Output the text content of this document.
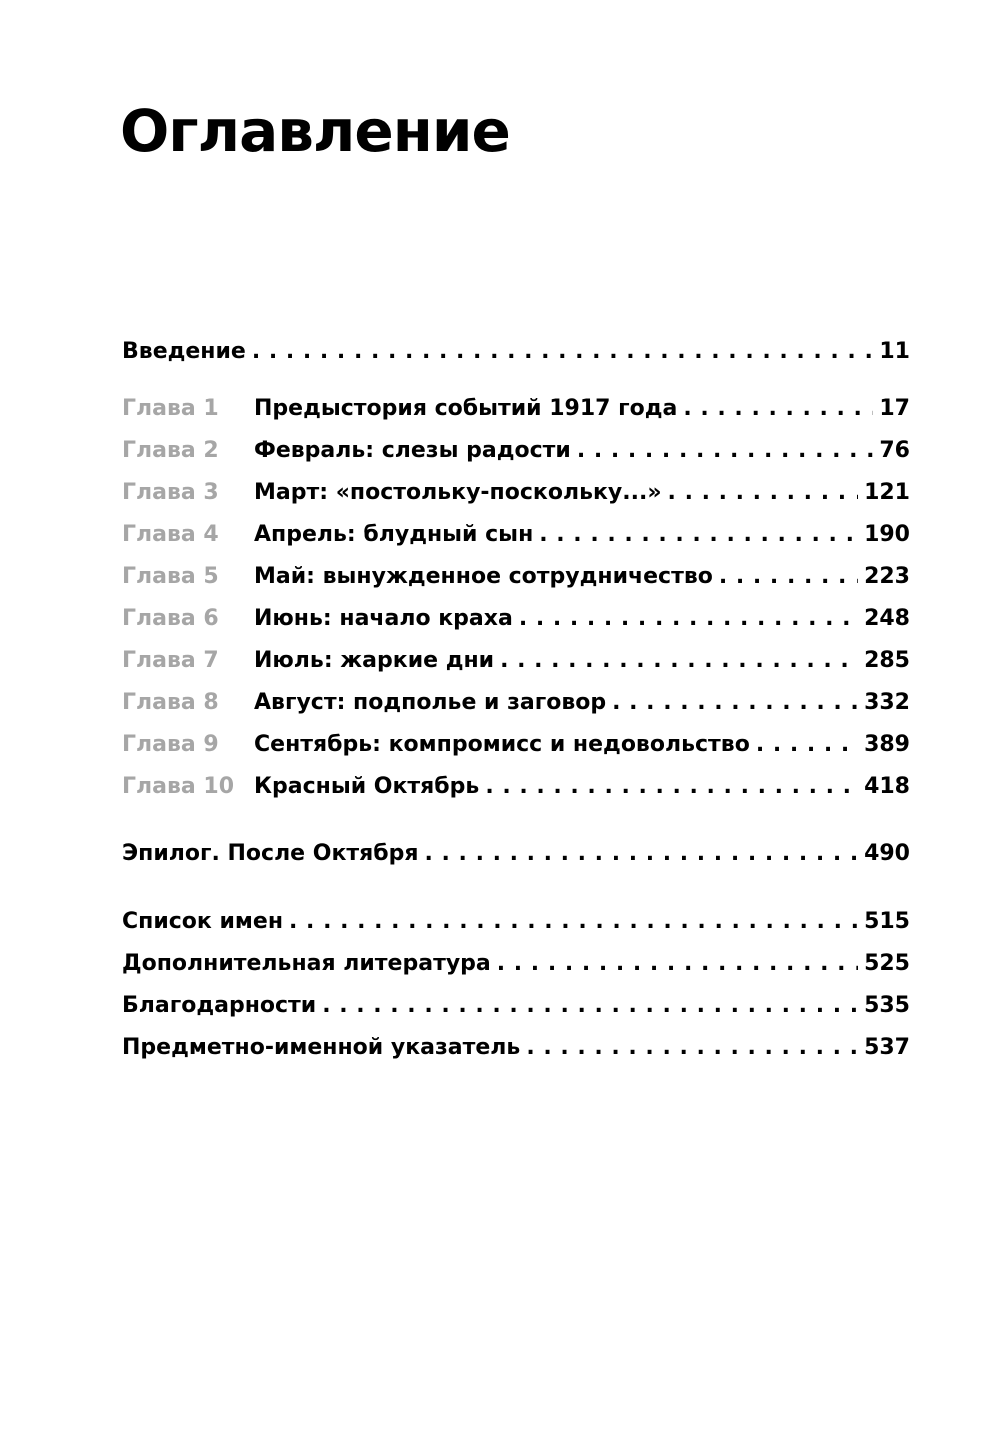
Оглавление
Введение . . .	11
Глава 1	Предыстория событий 1917 года . . .	17
Глава 2	Февраль: слезы радости . . .	76
Глава 3	Март: «постольку-поскольку...» . . .	121
Глава 4	Апрель: блудный сын . . .	190
Глава 5	Май: вынужденное сотрудничество . . .	223
Глава 6	Июнь: начало краха . . .	248
Глава 7	Июль: жаркие дни . . .	285
Глава 8	Август: подполье и заговор . . .	332
Глава 9	Сентябрь: компромисс и недовольство . . .	389
Глава 10 Красный Октябрь . . .	418
Эпилог. После Октября . . .	490
Список имен . . .	515
Дополнительная литература . . .	525
Благодарности . . .	535
Предметно-именной указатель . . .	537
